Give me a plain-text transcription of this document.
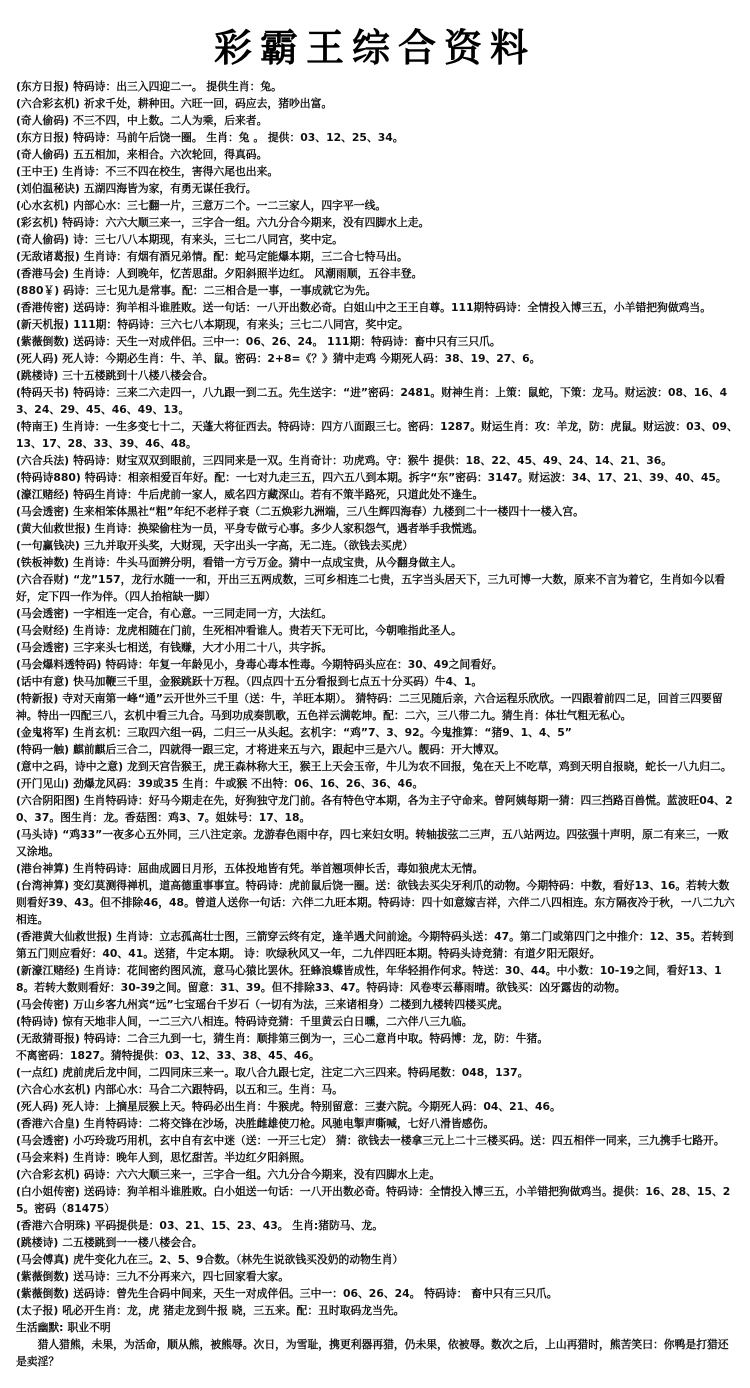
彩霸王综合资料

(东方日报) 特码诗：出三入四迎二一。 提供生肖：兔。

(六合彩玄机) 祈求千处，耕种田。六旺一回，码应去，猪吵出富。

(奇人偷码) 不三不四，中上数。二人为乘，后来者。

(东方日报) 特码诗：马前午后饶一圈。 生肖：兔 。 提供：03、12、25、34。

(奇人偷码) 五五相加，来相合。六次轮回，得真码。

(王中王) 生肖诗：不三不四在校生，害得六尾也出来。

(刘伯温秘诀) 五湖四海皆为家，有勇无谋任我行。

(心水玄机) 内部心水：三七翻一片，三意万二个。一二三家人，四字平一线。

(彩玄机) 特码诗：六六大顺三来一，三字合一组。六九分合今期来，没有四脚水上走。

(奇人偷码) 诗：三七八八本期现，有来头，三七二八同宫，奖中定。

(无敌诸葛报) 生肖诗：有烟有酒兄弟情。配：蛇马定能爆本期，三二合七特马出。

(香港马会) 生肖诗：人到晚年，忆苦思甜。夕阳斜照半边红。 风潮雨顺，五谷丰登。

(880￥) 码诗：三七见九是常事。配：二三相合是一事，一事成就它为先。

(香港传密) 送码诗：狗羊相斗谁胜败。送一句话：一八开出数必奇。白姐山中之王王自尊。111期特码诗：全情投入博三五，小羊错把狗做鸡当。

(新天机报) 111期：特码诗：三六七八本期现，有来头；三七二八同宫，奖中定。

(紫薇倒数) 送码诗：天生一对成伴侣。三中一：06、26、24。 111期：特码诗：畜中只有三只爪。

(死人码) 死人诗：今期必生肖：牛、羊、鼠。密码：2+8=《？》猜中走鸡 今期死人码：38、19、27、6。

(跳楼诗) 三十五楼跳到十八楼八楼会合。

(特码天书) 特码诗：三来二六走四一，八九跟一到二五。先生送字：“进”密码：2481。财神生肖：上策：鼠蛇，下策：龙马。财运波：08、16、43、24、29、45、46、49、13。

(特南王) 生肖诗：一生多变七十二，天蓬大将征西去。特码诗：四方八面跟三七。密码：1287。财运生肖：攻：羊龙，防：虎鼠。财运波：03、09、13、17、28、33、39、46、48。

(六合兵法) 特码诗：财宝双双到眼前，三四同来是一双。生肖奇计：功虎鸡。守：猴牛 提供：18、22、45、49、24、14、21、36。

(特码诗880) 特码诗：相亲相爱百年好。配：一七对九走三五，四六五八到本期。拆字“东”密码：3147。财运波：34、17、21、39、40、45。

(濠江赌经) 特码生肖诗：牛后虎前一家人，威名四方藏深山。若有不策半路死，只道此处不逢生。

(马会透密) 生来相笨体黑社“粗”年纪不老样子衰（二五焕彩九洲端，三八生辉四海春）九楼到二十一楼四十一楼入宫。

(黄大仙救世报) 生肖诗：换梁偷柱为一员，平身专做亏心事。多少人家积怨气，遇者举手我慌逃。

(一句赢钱决) 三九并取开头奖，大财现，天字出头一字高，无二连。（欲钱去买虎）

(铁板神数) 生肖诗：牛头马面辨分明，看错一方亏万金。猜中一点成宝贵，从今翻身做主人。

(六合吞财) “龙”157，龙行水随一一和，开出三五两成数，三可乡相连二七贵，五字当头居天下，三九可博一大数，原来不言为着它，生肖如今以看好，定下四一作为伴。（四人抬棺缺一脚）

(马会透密) 一字相连一定合，有心意。一三同走同一方，大法红。

(马会财经) 生肖诗：龙虎相随在门前，生死相冲看谁人。贵若天下无可比，今朝唯指此圣人。

(马会透密) 三字来头七相送，有钱赚，大才小用二十八，共字拆。

(马会爆料透特码) 特码诗：年复一年龄见小，身毒心毒本性毒。今期特码头应在：30、49之间看好。

(话中有意) 快马加鞭三千里，金猴跳跃十万程。（四点四十五分看报到七点五十分买码）牛4、1。

(特新报) 寺对天南第一峰“通”云开世外三千里（送：牛，羊旺本期）。 猜特码：二三见随后亲，六合运程乐欣欣。一四跟着前四二足，回首三四要留神。特出一四配三八，玄机中看三九合。马到功成奏凯歌，五色祥云满乾坤。配：二六，三八带二九。猜生肖：体壮气粗无私心。

(金鬼将军) 生肖玄机：三取四六组一码，二归三一从头起。玄机字：“鸡”7、3、92。今鬼推算：“猪9、1、4、5”

(特码一触) 麒前麒后三合二，四就得一跟三定，才将进来五与六，跟起中三是六八。靓码：开大博双。

(意中之码，诗中之意) 龙到天宫告猴王，虎王森林称大王，猴王上天会玉帝，牛儿为农不回报，兔在天上不吃草，鸡到天明自报晓，蛇长一八九归二。

(开门见山) 劲爆龙风码：39或35 生肖：牛或猴 不出特：06、16、26、36、46。

(六合阴阳图) 生肖特码诗：好马今期走在先，好狗独守龙门前。各有特色守本期，各为主子守命来。曾阿姨每期一猜：四三挡路百兽慌。蓝波旺04、20、37。图生肖：龙。香菇图：鸡3、7。姐妹号：17、18。

(马头诗) “鸡33”一夜多心五外同，三八注定亲。龙游春色雨中存，四七来妇女明。转轴拔弦二三声，五八站两边。四弦强十声明，原二有来三，一败又涂地。

(港台神算) 生肖特码诗：屈曲成圆日月形，五体投地皆有凭。举首翘项伸长舌，毒如狼虎太无情。

(台湾神算) 变幻莫测得禅机，道高德重事事宣。特码诗：虎前鼠后饶一圈。送：欲钱去买尖牙利爪的动物。今期特码：中数，看好13、16。若转大数则看好39、43。但不排除46，48。曾道人送你一句话：六伴二九旺本期。特码诗：四十如意嫁吉祥，六伴二八四相连。东方隔夜冷于秋，一八二九六相连。

(香港黄大仙救世报) 生肖诗：立志孤高壮士图，三箭穿云终有定，逢羊遇犬问前途。今期特码头送：47。第二门或第四门之中推介：12、35。若转到第五门则应看好：40、41。送猪，牛定本期。 诗：吹绿秋风又一年，二九伴四旺本期。特码头诗竞猜：有道夕阳无限好。

(新濠江赌经) 生肖诗：花间密约图风流，意马心猿比罢休。狂蜂浪蝶皆成性，年华轻捐作何求。特送：30、44。中小数：10-19之间，看好13、18。若转大数则看好：30-39之间。留意：31、39。但不排除33、47。特码诗：风卷枣云幕雨晴。欲钱买：凶牙露齿的动物。

(马会传密) 万山乡客九州宾“远”七宝瑶台千岁石（一切有为法，三来诸相身）二楼到九楼转四楼买虎。

(特码诗) 惊有天地非人间，一二三六八相连。特码诗竞猜：千里黄云白日曛，二六伴八三九临。

(无敌猜哥报) 特码诗：二合三九到一七，猜生肖：顺排第三倒为一，三心二意肖中取。特码博：龙，防：牛猪。

不离密码：1827。猜特提供：03、12、33、38、45、46。

(一点红) 虎前虎后龙中间，二四同床三来一。取八合九跟七定，注定二六三四来。特码尾数：048，137。

(六合心水玄机) 内部心水：马合二六跟特码，以五和三。生肖：马。

(死人码) 死人诗：上摘星辰猴上天。特码必出生肖：牛猴虎。特别留意：三妻六院。今期死人码：04、21、46。

(香港六合皇) 生肖特码诗：二将交锋在沙场，决胜雌雄使刀枪。风驰电掣声嘶喊，七好八滑皆感伤。

(马会透密) 小巧玲珑巧用机，玄中自有玄中迷（送：一开三七定） 猜：欲钱去一楼拿三元上二十三楼买码。送：四五相伴一同来，三九携手七路开。

(马会来料) 生肖诗：晚年人到，思忆甜苦。半边红夕阳斜照。

(六合彩玄机) 码诗：六六大顺三来一，三字合一组。六九分合今期来，没有四脚水上走。

(白小姐传密) 送码诗：狗羊相斗谁胜败。白小姐送一句话：一八开出数必奇。特码诗：全情投入博三五，小羊错把狗做鸡当。提供：16、28、15、25。密码（81475）

(香港六合明珠) 平码提供是：03、21、15、23、43。 生肖:猪防马、龙。

(跳楼诗) 二五楼跳到一一楼八楼会合。

(马会傅真) 虎牛变化九在三。2、5、9合数。（林先生说欲钱买没奶的动物生肖）

(紫薇倒数) 送马诗：三九不分再来六，四七回家看大家。

(紫薇倒数) 送码诗：曾先生合码中间来，天生一对成伴侣。三中一：06、26、24。 特码诗： 畜中只有三只爪。

(太子报) 吼必开生肖：龙，虎 猪走龙到牛报 晓，三五来。配：丑时取码龙当先。

生活幽默: 职业不明

猎人猎熊，未果，为活命，顺从熊，被熊辱。次日，为雪耻，携更利器再猎，仍未果，依被辱。数次之后，上山再猎时，熊苦笑曰：你鸭是打猎还是卖淫？
